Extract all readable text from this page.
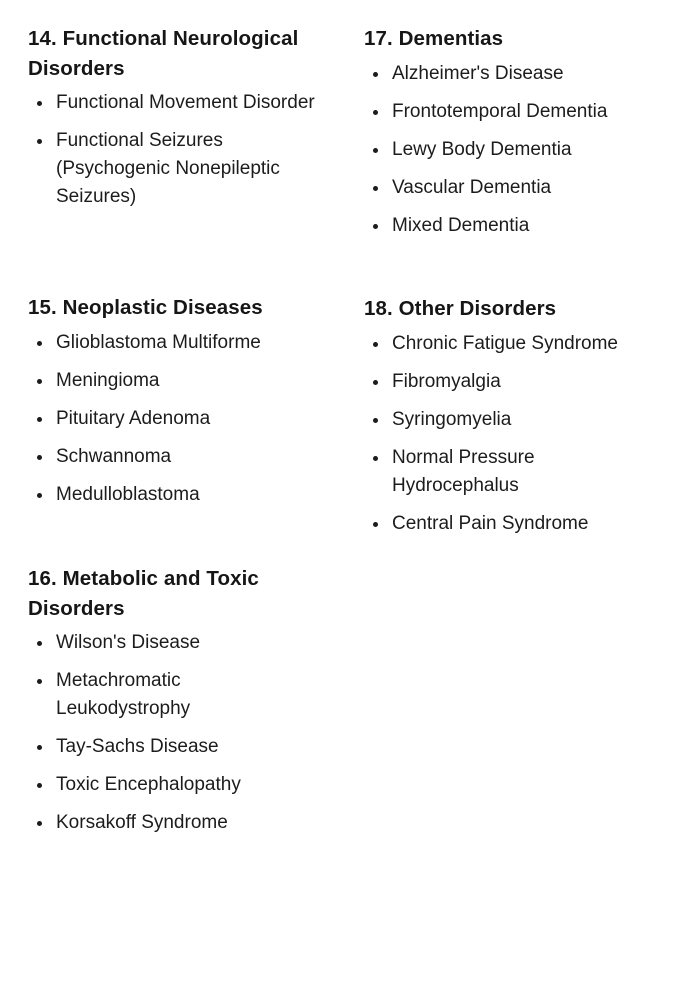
14. Functional Neurological Disorders
Functional Movement Disorder
Functional Seizures (Psychogenic Nonepileptic Seizures)
15. Neoplastic Diseases
Glioblastoma Multiforme
Meningioma
Pituitary Adenoma
Schwannoma
Medulloblastoma
16. Metabolic and Toxic Disorders
Wilson's Disease
Metachromatic Leukodystrophy
Tay-Sachs Disease
Toxic Encephalopathy
Korsakoff Syndrome
17. Dementias
Alzheimer's Disease
Frontotemporal Dementia
Lewy Body Dementia
Vascular Dementia
Mixed Dementia
18. Other Disorders
Chronic Fatigue Syndrome
Fibromyalgia
Syringomyelia
Normal Pressure Hydrocephalus
Central Pain Syndrome
